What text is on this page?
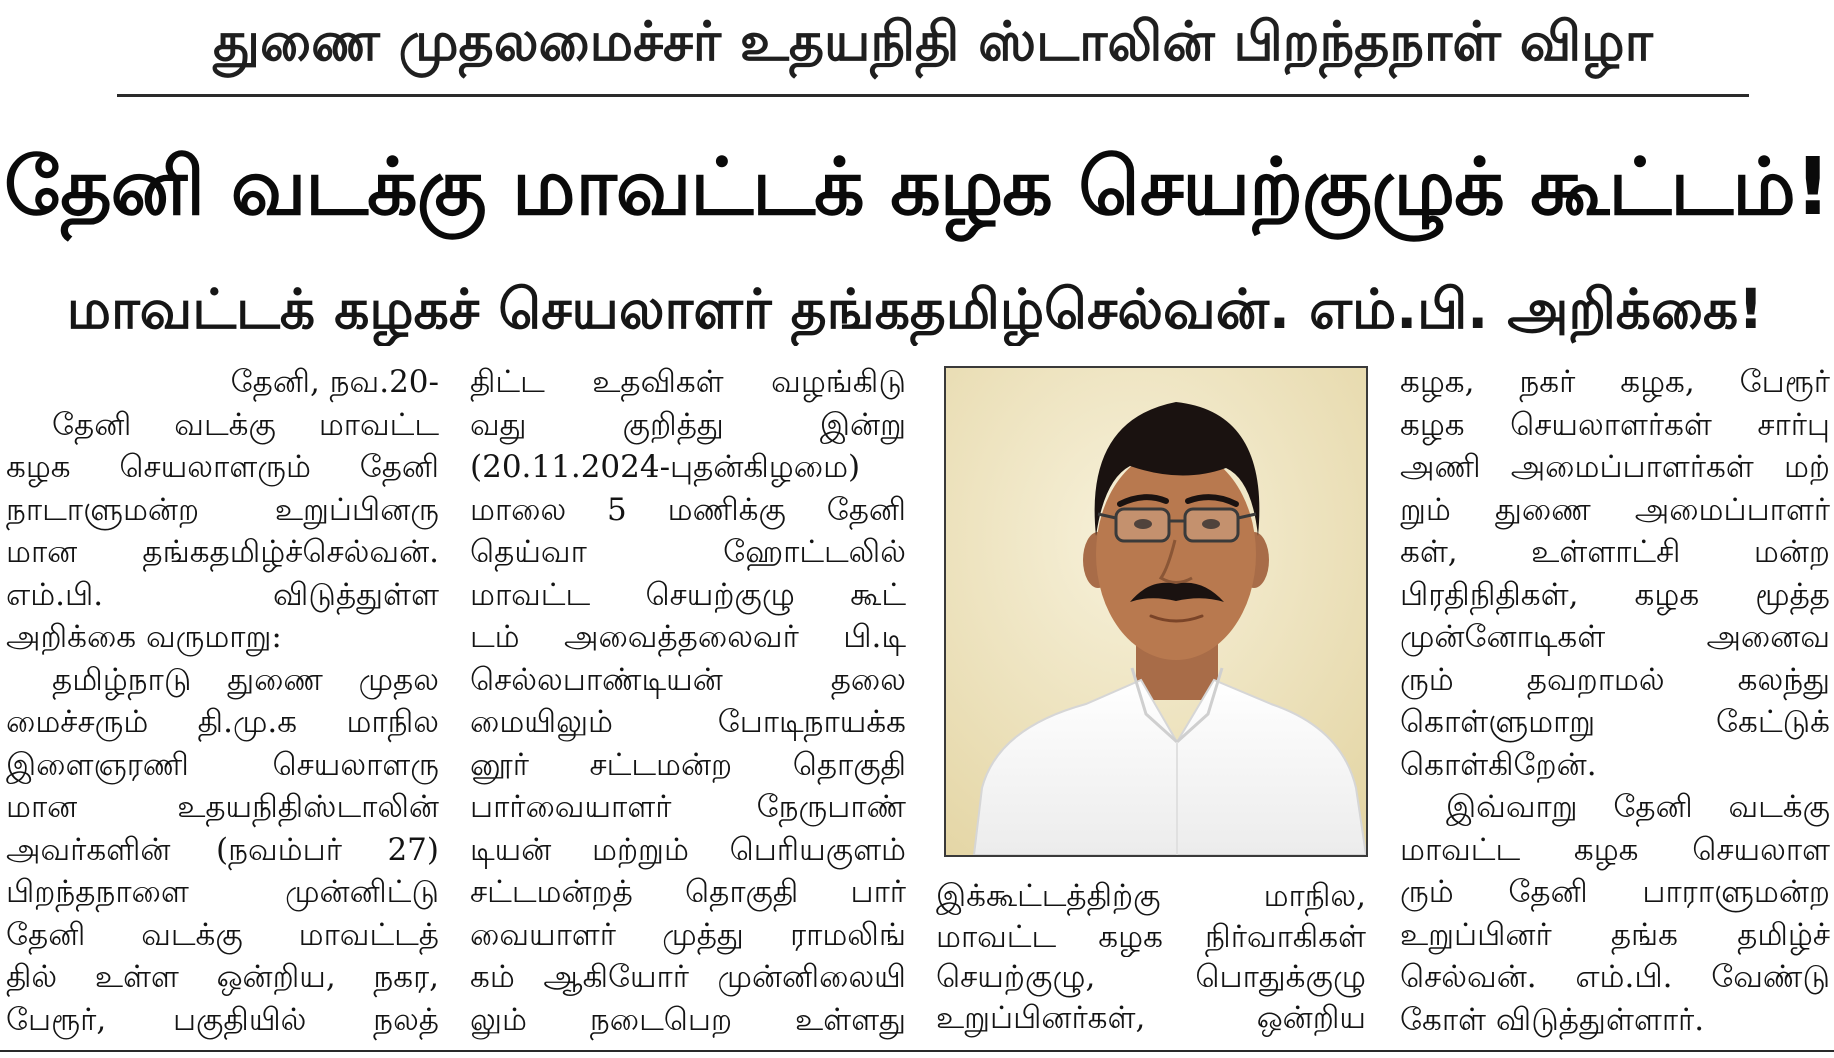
துணை முதலமைச்சர் உதயநிதி ஸ்டாலின் பிறந்தநாள் விழா
தேனி வடக்கு மாவட்டக் கழக செயற்குழுக் கூட்டம்!
மாவட்டக் கழகச் செயலாளர் தங்கதமிழ்செல்வன். எம்.பி. அறிக்கை!
தேனி, நவ.20-
தேனி வடக்கு மாவட்ட
கழக செயலாளரும் தேனி
நாடாளுமன்ற உறுப்பினரு
மான தங்கதமிழ்ச்செல்வன்.
எம்.பி. விடுத்துள்ள
அறிக்கை வருமாறு:
தமிழ்நாடு துணை முதல
மைச்சரும் தி.மு.க மாநில
இளைஞரணி செயலாளரு
மான உதயநிதிஸ்டாலின்
அவர்களின் (நவம்பர் 27)
பிறந்தநாளை முன்னிட்டு
தேனி வடக்கு மாவட்டத்
தில் உள்ள ஒன்றிய, நகர,
பேரூர், பகுதியில் நலத்
திட்ட உதவிகள் வழங்கிடு
வது குறித்து இன்று
(20.11.2024-புதன்கிழமை)
மாலை 5 மணிக்கு தேனி
தெய்வா ஹோட்டலில்
மாவட்ட செயற்குழு கூட்
டம் அவைத்தலைவர் பி.டி
செல்லபாண்டியன் தலை
மையிலும் போடிநாயக்க
னூர் சட்டமன்ற தொகுதி
பார்வையாளர் நேருபாண்
டியன் மற்றும் பெரியகுளம்
சட்டமன்றத் தொகுதி பார்
வையாளர் முத்து ராமலிங்
கம் ஆகியோர் முன்னிலையி
லும் நடைபெற உள்ளது
இக்கூட்டத்திற்கு மாநில,
மாவட்ட கழக நிர்வாகிகள்
செயற்குழு, பொதுக்குழு
உறுப்பினர்கள், ஒன்றிய
கழக, நகர் கழக, பேரூர்
கழக செயலாளர்கள் சார்பு
அணி அமைப்பாளர்கள் மற்
றும் துணை அமைப்பாளர்
கள், உள்ளாட்சி மன்ற
பிரதிநிதிகள், கழக மூத்த
முன்னோடிகள் அனைவ
ரும் தவறாமல் கலந்து
கொள்ளுமாறு கேட்டுக்
கொள்கிறேன்.
இவ்வாறு தேனி வடக்கு
மாவட்ட கழக செயலாள
ரும் தேனி பாராளுமன்ற
உறுப்பினர் தங்க தமிழ்ச்
செல்வன். எம்.பி. வேண்டு
கோள் விடுத்துள்ளார்.
